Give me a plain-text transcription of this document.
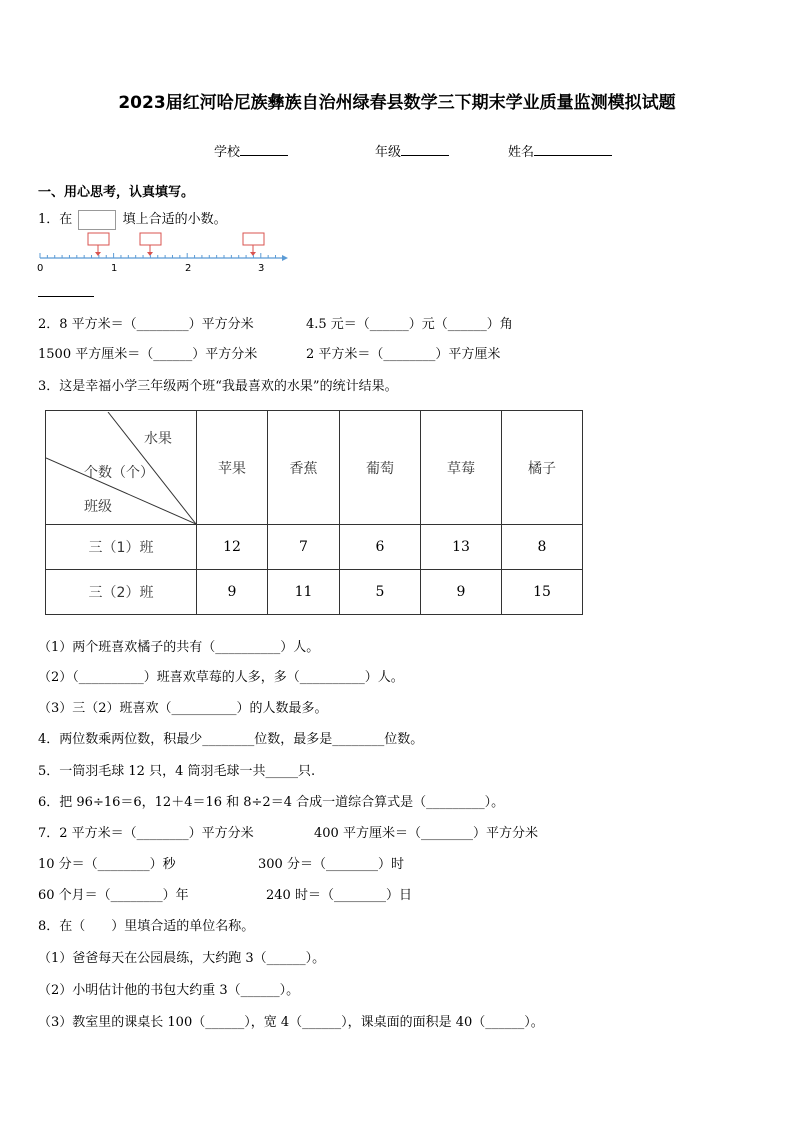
2023届红河哈尼族彝族自治州绿春县数学三下期末学业质量监测模拟试题
学校	年级	姓名
一、用心思考，认真填写。
1．在	填上合适的小数。
0	1	2	3
2．8 平方米＝（________）平方分米	4.5 元＝（______）元（______）角
1500 平方厘米＝（______）平方分米	2 平方米＝（________）平方厘米
3．这是幸福小学三年级两个班“我最喜欢的水果”的统计结果。
水果
个数（个）
班级	苹果	香蕉	葡萄	草莓	橘子
三（1）班	12	7	6	13	8
三（2）班	9	11	5	9	15
（1）两个班喜欢橘子的共有（__________）人。
（2）（__________）班喜欢草莓的人多，多（__________）人。
（3）三（2）班喜欢（__________）的人数最多。
4．两位数乘两位数，积最少________位数，最多是________位数。
5．一筒羽毛球 12 只，4 筒羽毛球一共_____只.
6．把 96÷16＝6，12＋4＝16 和 8÷2＝4 合成一道综合算式是（_________）。
7．2 平方米＝（________）平方分米	400 平方厘米＝（________）平方分米
10 分＝（________）秒	300 分＝（________）时
60 个月＝（________）年	240 时＝（________）日
8．在（　　）里填合适的单位名称。
（1）爸爸每天在公园晨练，大约跑 3（______）。
（2）小明估计他的书包大约重 3（______）。
（3）教室里的课桌长 100（______），宽 4（______），课桌面的面积是 40（______）。
